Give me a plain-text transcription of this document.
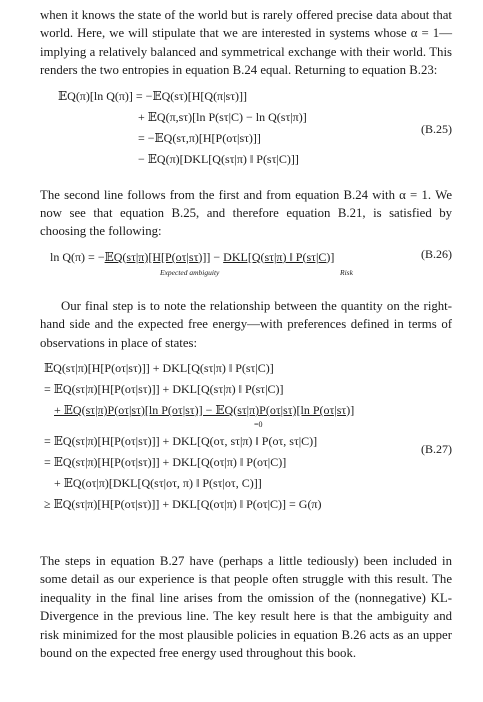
when it knows the state of the world but is rarely offered precise data about that world. Here, we will stipulate that we are interested in systems whose α = 1—implying a relatively balanced and symmetrical exchange with their world. This renders the two entropies in equation B.24 equal. Returning to equation B.23:

𝔼Q(π)[ln Q(π)] = −𝔼Q(sτ)[H[Q(π|sτ)]]
+ 𝔼Q(π,sτ)[ln P(sτ|C) − ln Q(sτ|π)]
= −𝔼Q(sτ,π)[H[P(oτ|sτ)]]
− 𝔼Q(π)[DKL[Q(sτ|π) ‖ P(sτ|C)]]
(B.25)

The second line follows from the first and from equation B.24 with α = 1. We now see that equation B.25, and therefore equation B.21, is satisfied by choosing the following:

ln Q(π) = −𝔼Q(sτ|π)[H[P(oτ|sτ)]] − DKL[Q(sτ|π) ‖ P(sτ|C)]
Expected ambiguity	Risk
(B.26)

Our final step is to note the relationship between the quantity on the right-hand side and the expected free energy—with preferences defined in terms of observations in place of states:

𝔼Q(sτ|π)[H[P(oτ|sτ)]] + DKL[Q(sτ|π) ‖ P(sτ|C)]
= 𝔼Q(sτ|π)[H[P(oτ|sτ)]] + DKL[Q(sτ|π) ‖ P(sτ|C)]
+ 𝔼Q(sτ|π)P(oτ|sτ)[ln P(oτ|sτ)] − 𝔼Q(sτ|π)P(oτ|sτ)[ln P(oτ|sτ)]
=0
= 𝔼Q(sτ|π)[H[P(oτ|sτ)]] + DKL[Q(oτ, sτ|π) ‖ P(oτ, sτ|C)]
= 𝔼Q(sτ|π)[H[P(oτ|sτ)]] + DKL[Q(oτ|π) ‖ P(oτ|C)]
+ 𝔼Q(oτ|π)[DKL[Q(sτ|oτ, π) ‖ P(sτ|oτ, C)]]
≥ 𝔼Q(sτ|π)[H[P(oτ|sτ)]] + DKL[Q(oτ|π) ‖ P(oτ|C)] = G(π)
(B.27)

The steps in equation B.27 have (perhaps a little tediously) been included in some detail as our experience is that people often struggle with this result. The inequality in the final line arises from the omission of the (nonnegative) KL-Divergence in the previous line. The key result here is that the ambiguity and risk minimized for the most plausible policies in equation B.26 acts as an upper bound on the expected free energy used throughout this book.
